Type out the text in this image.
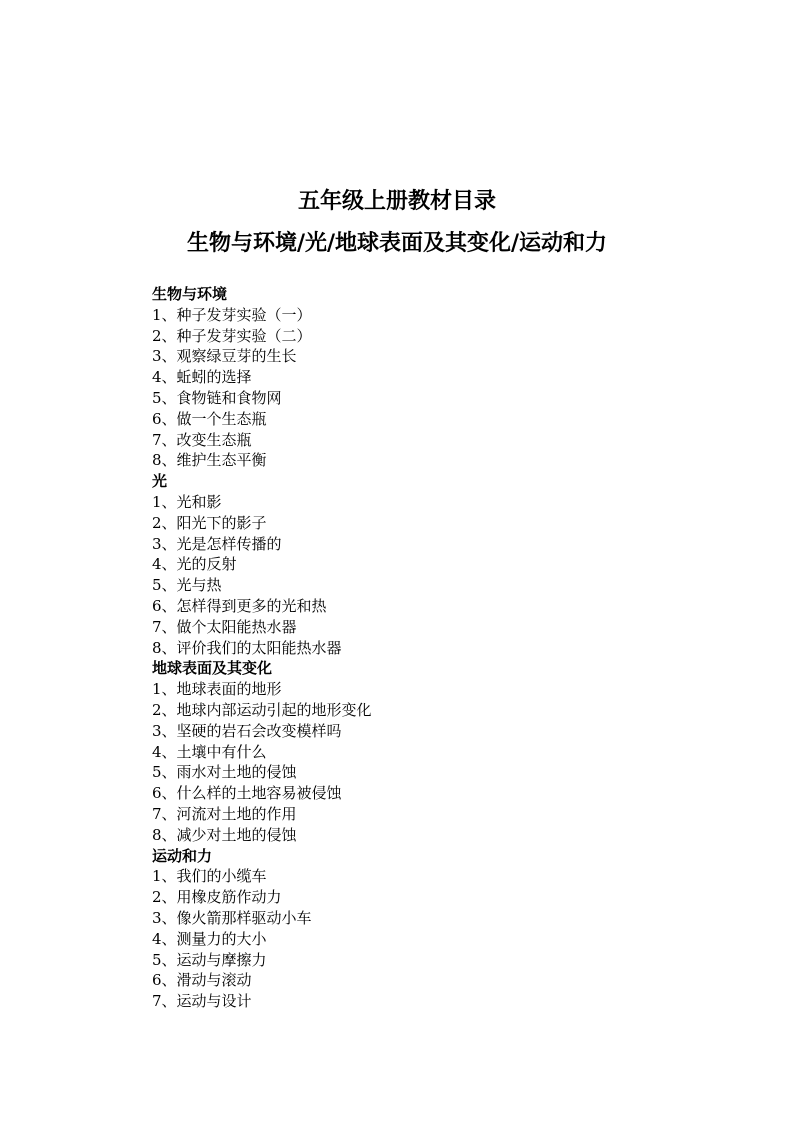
五年级上册教材目录
生物与环境/光/地球表面及其变化/运动和力
生物与环境
1、种子发芽实验（一）
2、种子发芽实验（二）
3、观察绿豆芽的生长
4、蚯蚓的选择
5、食物链和食物网
6、做一个生态瓶
7、改变生态瓶
8、维护生态平衡
光
1、光和影
2、阳光下的影子
3、光是怎样传播的
4、光的反射
5、光与热
6、怎样得到更多的光和热
7、做个太阳能热水器
8、评价我们的太阳能热水器
地球表面及其变化
1、地球表面的地形
2、地球内部运动引起的地形变化
3、坚硬的岩石会改变模样吗
4、土壤中有什么
5、雨水对土地的侵蚀
6、什么样的土地容易被侵蚀
7、河流对土地的作用
8、减少对土地的侵蚀
运动和力
1、我们的小缆车
2、用橡皮筋作动力
3、像火箭那样驱动小车
4、测量力的大小
5、运动与摩擦力
6、滑动与滚动
7、运动与设计
